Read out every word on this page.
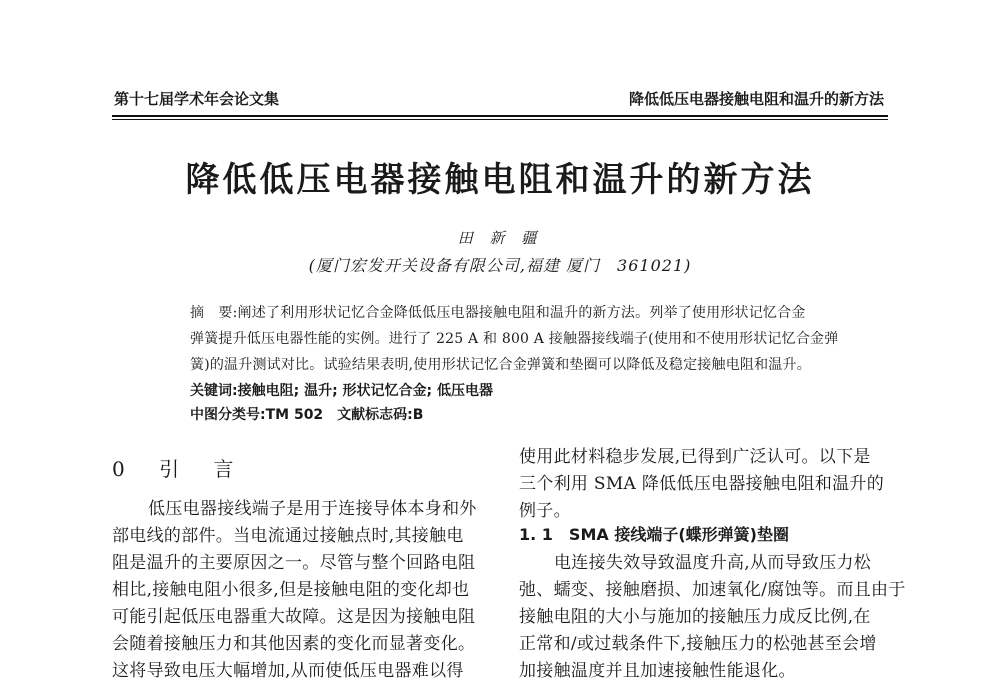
第十七届学术年会论文集	降低低压电器接触电阻和温升的新方法
降低低压电器接触电阻和温升的新方法
田 新 疆
(厦门宏发开关设备有限公司,福建 厦门　361021)
摘　要:阐述了利用形状记忆合金降低低压电器接触电阻和温升的新方法。列举了使用形状记忆合金
弹簧提升低压电器性能的实例。进行了 225 A 和 800 A 接触器接线端子(使用和不使用形状记忆合金弹
簧)的温升测试对比。试验结果表明,使用形状记忆合金弹簧和垫圈可以降低及稳定接触电阻和温升。
关键词:接触电阻; 温升; 形状记忆合金; 低压电器
中图分类号:TM 502　文献标志码:B
0 引 言
低压电器接线端子是用于连接导体本身和外
部电线的部件。当电流通过接触点时,其接触电
阻是温升的主要原因之一。尽管与整个回路电阻
相比,接触电阻小很多,但是接触电阻的变化却也
可能引起低压电器重大故障。这是因为接触电阻
会随着接触压力和其他因素的变化而显著变化。
这将导致电压大幅增加,从而使低压电器难以得
使用此材料稳步发展,已得到广泛认可。以下是
三个利用 SMA 降低低压电器接触电阻和温升的
例子。
1. 1　SMA 接线端子(蝶形弹簧)垫圈
电连接失效导致温度升高,从而导致压力松
弛、蠕变、接触磨损、加速氧化/腐蚀等。而且由于
接触电阻的大小与施加的接触压力成反比例,在
正常和/或过载条件下,接触压力的松弛甚至会增
加接触温度并且加速接触性能退化。
